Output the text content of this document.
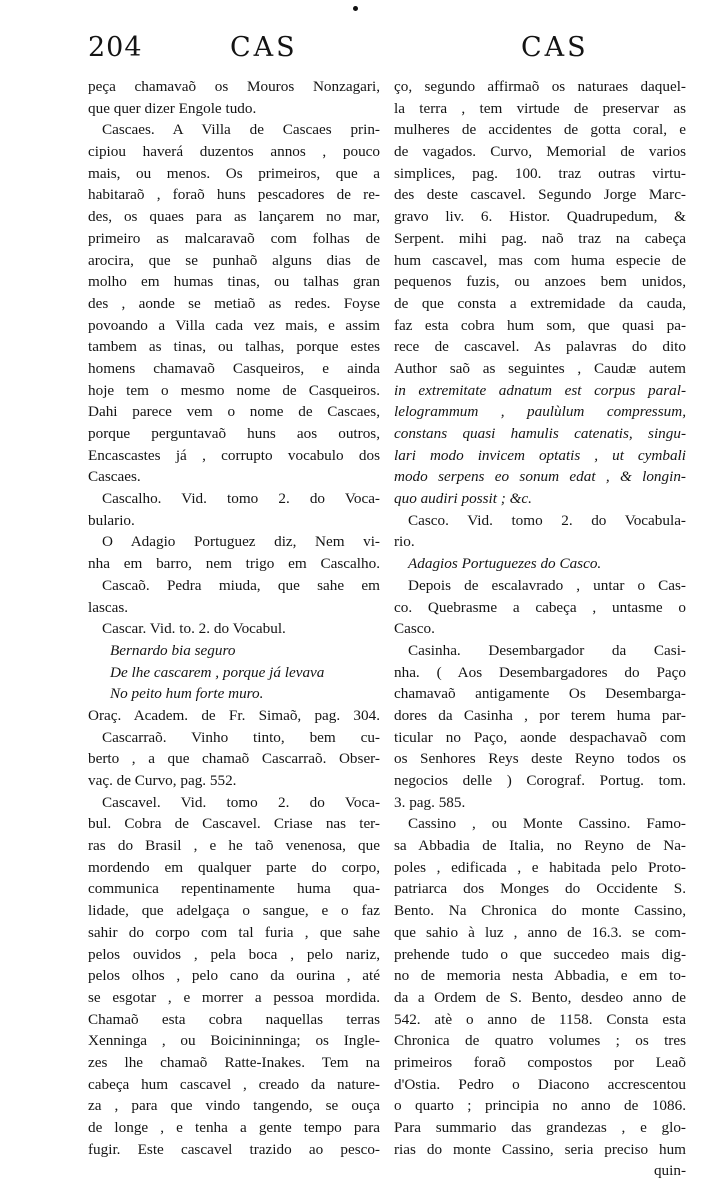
204	CAS	CAS
peça chamavaõ os Mouros Nonzagari,
que quer dizer Engole tudo.
Cascaes. A Villa de Cascaes prin-
cipiou haverá duzentos annos , pouco
mais, ou menos. Os primeiros, que a
habitaraõ , foraõ huns pescadores de re-
des, os quaes para as lançarem no mar,
primeiro as malcaravaõ com folhas de
arocira, que se punhaõ alguns dias de
molho em humas tinas, ou talhas gran
des , aonde se metiaõ as redes. Foyse
povoando a Villa cada vez mais, e assim
tambem as tinas, ou talhas, porque estes
homens chamavaõ Casqueiros, e ainda
hoje tem o mesmo nome de Casqueiros.
Dahi parece vem o nome de Cascaes,
porque perguntavaõ huns aos outros,
Encascastes já , corrupto vocabulo dos
Cascaes.
Cascalho. Vid. tomo 2. do Voca-
bulario.
O Adagio Portuguez diz, Nem vi-
nha em barro, nem trigo em Cascalho.
Cascaõ. Pedra miuda, que sahe em
lascas.
Cascar. Vid. to. 2. do Vocabul.
Bernardo bia seguro
De lhe cascarem , porque já levava
No peito hum forte muro.
Oraç. Academ. de Fr. Simaõ, pag. 304.
Cascarraõ. Vinho tinto, bem cu-
berto , a que chamaõ Cascarraõ. Obser-
vaç. de Curvo, pag. 552.
Cascavel. Vid. tomo 2. do Voca-
bul. Cobra de Cascavel. Criase nas ter-
ras do Brasil , e he taõ venenosa, que
mordendo em qualquer parte do corpo,
communica repentinamente huma qua-
lidade, que adelgaça o sangue, e o faz
sahir do corpo com tal furia , que sahe
pelos ouvidos , pela boca , pelo nariz,
pelos olhos , pelo cano da ourina , até
se esgotar , e morrer a pessoa mordida.
Chamaõ esta cobra naquellas terras
Xenninga , ou Boicininninga; os Ingle-
zes lhe chamaõ Ratte-Inakes. Tem na
cabeça hum cascavel , creado da nature-
za , para que vindo tangendo, se ouça
de longe , e tenha a gente tempo para
fugir. Este cascavel trazido ao pesco-
ço, segundo affirmaõ os naturaes daquel-
la terra , tem virtude de preservar as
mulheres de accidentes de gotta coral, e
de vagados. Curvo, Memorial de varios
simplices, pag. 100. traz outras virtu-
des deste cascavel. Segundo Jorge Marc-
gravo liv. 6. Histor. Quadrupedum, &
Serpent. mihi pag. naõ traz na cabeça
hum cascavel, mas com huma especie de
pequenos fuzis, ou anzoes bem unidos,
de que consta a extremidade da cauda,
faz esta cobra hum som, que quasi pa-
rece de cascavel. As palavras do dito
Author saõ as seguintes , Caudæ autem
in extremitate adnatum est corpus paral-
lelogrammum , paulùlum compressum,
constans quasi hamulis catenatis, singu-
lari modo invicem optatis , ut cymbali
modo serpens eo sonum edat , & longin-
quo audiri possit ; &c.
Casco. Vid. tomo 2. do Vocabula-
rio.
Adagios Portuguezes do Casco.
Depois de escalavrado , untar o Cas-
co. Quebrasme a cabeça , untasme o
Casco.
Casinha. Desembargador da Casi-
nha. ( Aos Desembargadores do Paço
chamavaõ antigamente Os Desembarga-
dores da Casinha , por terem huma par-
ticular no Paço, aonde despachavaõ com
os Senhores Reys deste Reyno todos os
negocios delle ) Corograf. Portug. tom.
3. pag. 585.
Cassino , ou Monte Cassino. Famo-
sa Abbadia de Italia, no Reyno de Na-
poles , edificada , e habitada pelo Proto-
patriarca dos Monges do Occidente S.
Bento. Na Chronica do monte Cassino,
que sahio à luz , anno de 16.3. se com-
prehende tudo o que succedeo mais dig-
no de memoria nesta Abbadia, e em to-
da a Ordem de S. Bento, desdeo anno de
542. atè o anno de 1158. Consta esta
Chronica de quatro volumes ; os tres
primeiros foraõ compostos por Leaõ
d'Ostia. Pedro o Diacono accrescentou
o quarto ; principia no anno de 1086.
Para summario das grandezas , e glo-
rias do monte Cassino, seria preciso hum
quin-
